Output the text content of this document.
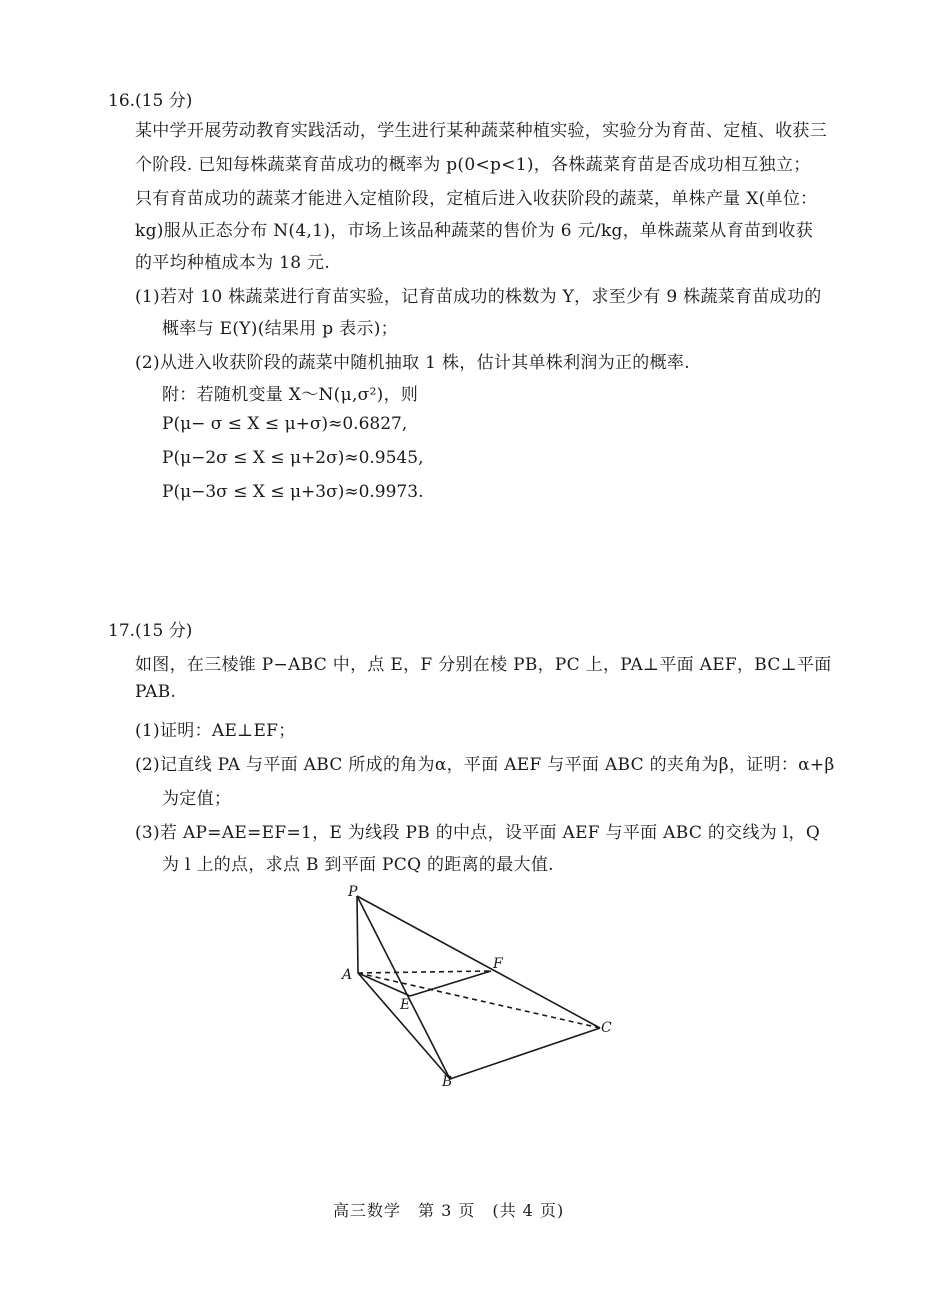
16.(15 分)
某中学开展劳动教育实践活动，学生进行某种蔬菜种植实验，实验分为育苗、定植、收获三
个阶段. 已知每株蔬菜育苗成功的概率为 p(0<p<1)，各株蔬菜育苗是否成功相互独立；
只有育苗成功的蔬菜才能进入定植阶段，定植后进入收获阶段的蔬菜，单株产量 X(单位：
kg)服从正态分布 N(4,1)，市场上该品种蔬菜的售价为 6 元/kg，单株蔬菜从育苗到收获
的平均种植成本为 18 元.
(1)若对 10 株蔬菜进行育苗实验，记育苗成功的株数为 Y，求至少有 9 株蔬菜育苗成功的
概率与 E(Y)(结果用 p 表示)；
(2)从进入收获阶段的蔬菜中随机抽取 1 株，估计其单株利润为正的概率.
附：若随机变量 X～N(μ,σ²)，则
P(μ− σ ≤ X ≤ μ+σ)≈0.6827,
P(μ−2σ ≤ X ≤ μ+2σ)≈0.9545,
P(μ−3σ ≤ X ≤ μ+3σ)≈0.9973.
17.(15 分)
如图，在三棱锥 P−ABC 中，点 E，F 分别在棱 PB，PC 上，PA⊥平面 AEF，BC⊥平面
PAB.
(1)证明：AE⊥EF；
(2)记直线 PA 与平面 ABC 所成的角为α，平面 AEF 与平面 ABC 的夹角为β，证明：α+β
为定值；
(3)若 AP=AE=EF=1，E 为线段 PB 的中点，设平面 AEF 与平面 ABC 的交线为 l，Q
为 l 上的点，求点 B 到平面 PCQ 的距离的最大值.
P
A
F
E
C
B
高三数学　第 3 页　(共 4 页)
